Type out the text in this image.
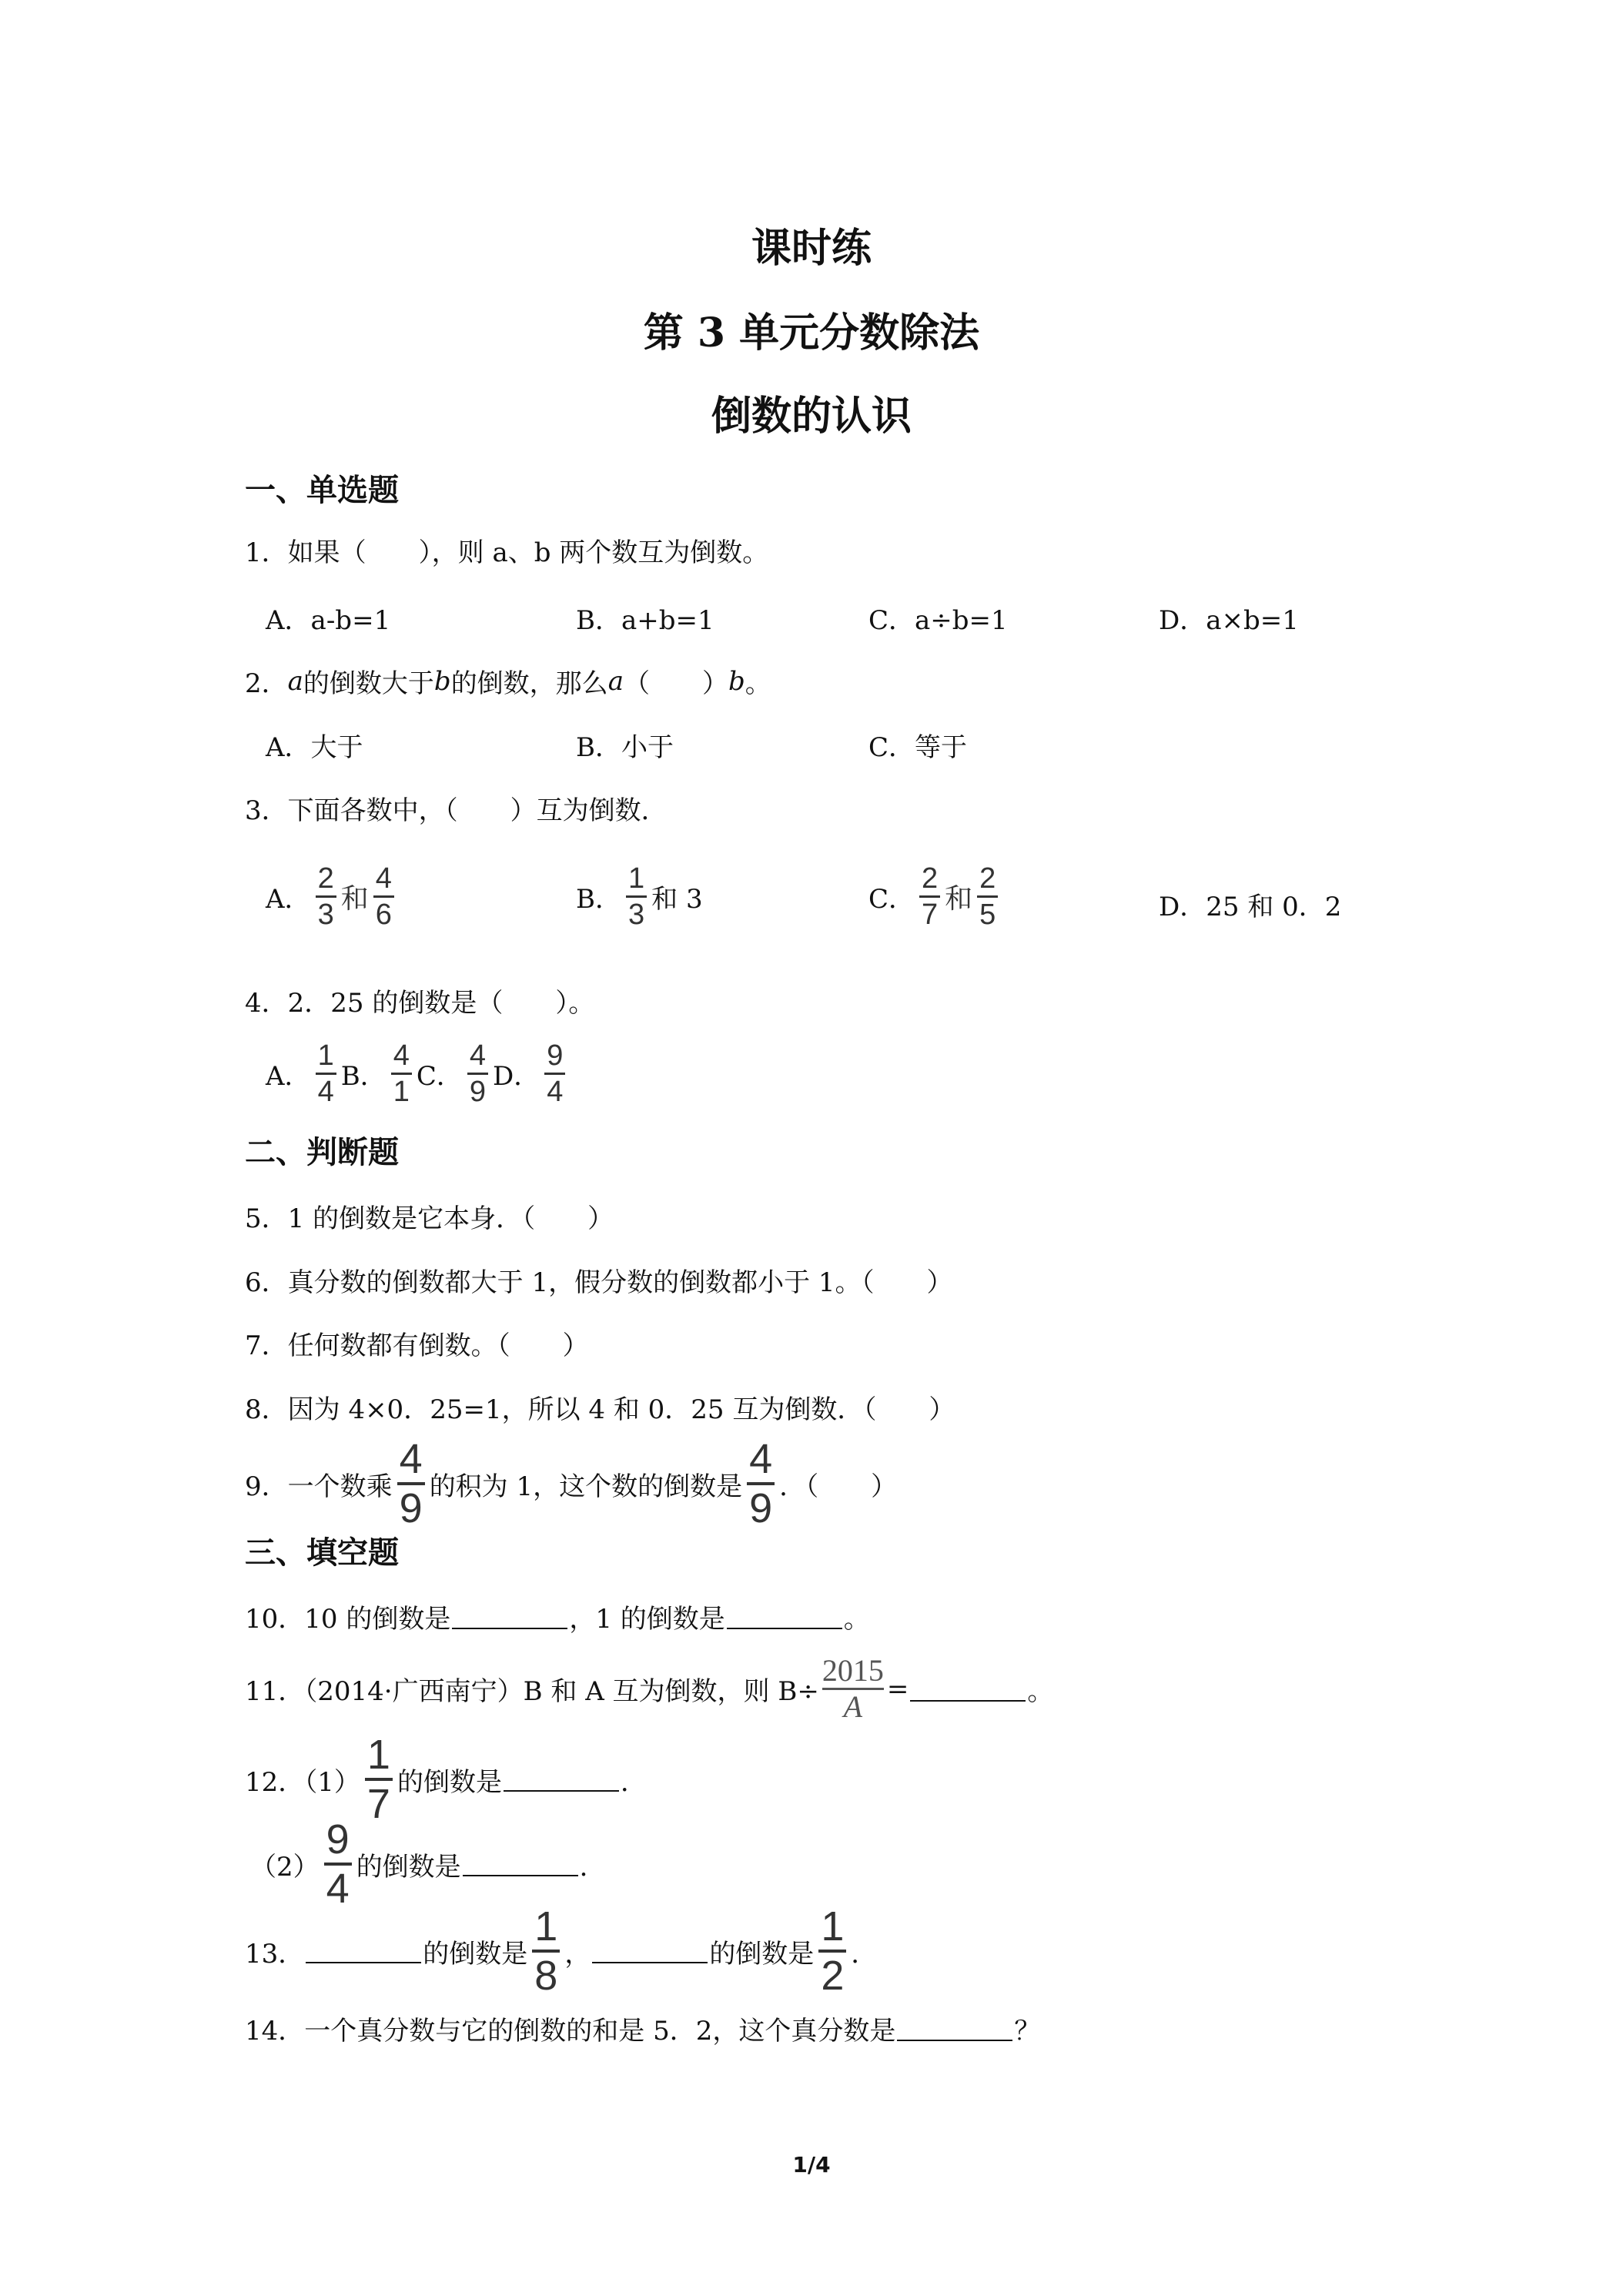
课时练
第 3 单元分数除法
倒数的认识
一、单选题
1．如果（　　），则 a、b 两个数互为倒数。
A．a-b=1	B．a+b=1	C．a÷b=1	D．a×b=1
2． a 的倒数大于 b 的倒数，那么 a （　　） b 。
A．大于	B．小于	C．等于
3．下面各数中，（　　）互为倒数．
A． $\frac{2}{3}$ 和 $\frac{4}{6}$	B． $\frac{1}{3}$ 和 3	C． $\frac{2}{7}$ 和 $\frac{2}{5}$	D．25 和 0．2
4．2．25 的倒数是（　　）。
A． $\frac{1}{4}$ B． $\frac{4}{1}$ C． $\frac{4}{9}$ D． $\frac{9}{4}$
二、判断题
5．1 的倒数是它本身．（　　）
6．真分数的倒数都大于 1，假分数的倒数都小于 1。（　　）
7．任何数都有倒数。（　　）
8．因为 4×0．25=1，所以 4 和 0．25 互为倒数．（　　）
9．一个数乘 $\frac{4}{9}$ 的积为 1，这个数的倒数是 $\frac{4}{9}$ ．（　　）
三、填空题
10．10 的倒数是	，1 的倒数是	。
11．（2014·广西南宁）B 和 A 互为倒数，则 B÷
2015
A
=	。
12．$(1) \frac{1}{7}$ 的倒数是	．
$(2) \frac{9}{4}$ 的倒数是	．
13．	的倒数是 $\frac{1}{8}$ ，	的倒数是 $\frac{1}{2}$ ．
14．一个真分数与它的倒数的和是 5．2，这个真分数是	？
1/4
